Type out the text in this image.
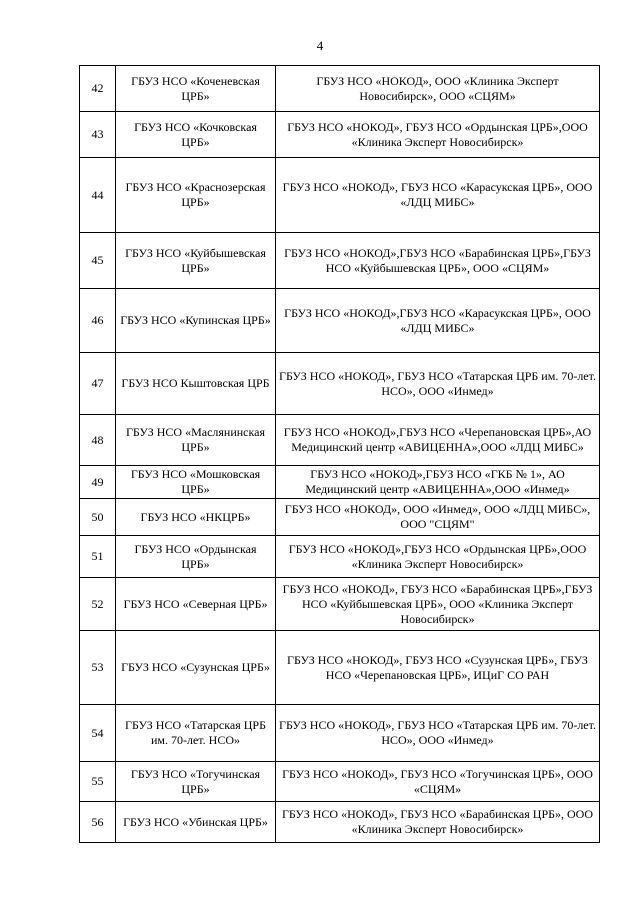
4
42	ГБУЗ НСО «Коченевская ЦРБ»	ГБУЗ НСО «НОКОД», ООО «Клиника Эксперт Новосибирск», ООО «СЦЯМ»
43	ГБУЗ НСО «Кочковская ЦРБ»	ГБУЗ НСО «НОКОД», ГБУЗ НСО «Ордынская ЦРБ»,ООО «Клиника Эксперт Новосибирск»
44	ГБУЗ НСО «Краснозерская ЦРБ»	ГБУЗ НСО «НОКОД», ГБУЗ НСО «Карасукская ЦРБ», ООО «ЛДЦ МИБС»
45	ГБУЗ НСО «Куйбышевская ЦРБ»	ГБУЗ НСО «НОКОД»,ГБУЗ НСО «Барабинская ЦРБ»,ГБУЗ НСО «Куйбышевская ЦРБ», ООО «СЦЯМ»
46	ГБУЗ НСО «Купинская ЦРБ»	ГБУЗ НСО «НОКОД»,ГБУЗ НСО «Карасукская ЦРБ», ООО «ЛДЦ МИБС»
47	ГБУЗ НСО Кыштовская ЦРБ	ГБУЗ НСО «НОКОД», ГБУЗ НСО «Татарская ЦРБ им. 70-лет. НСО», ООО «Инмед»
48	ГБУЗ НСО «Маслянинская ЦРБ»	ГБУЗ НСО «НОКОД»,ГБУЗ НСО «Черепановская ЦРБ»,АО Медицинский центр «АВИЦЕННА»,ООО «ЛДЦ МИБС»
49	ГБУЗ НСО «Мошковская ЦРБ»	ГБУЗ НСО «НОКОД»,ГБУЗ НСО «ГКБ № 1», АО Медицинский центр «АВИЦЕННА»,ООО «Инмед»
50	ГБУЗ НСО «НКЦРБ»	ГБУЗ НСО «НОКОД», ООО «Инмед», ООО «ЛДЦ МИБС», ООО "СЦЯМ"
51	ГБУЗ НСО «Ордынская ЦРБ»	ГБУЗ НСО «НОКОД»,ГБУЗ НСО «Ордынская ЦРБ»,ООО «Клиника Эксперт Новосибирск»
52	ГБУЗ НСО «Северная ЦРБ»	ГБУЗ НСО «НОКОД», ГБУЗ НСО «Барабинская ЦРБ»,ГБУЗ НСО «Куйбышевская ЦРБ», ООО «Клиника Эксперт Новосибирск»
53	ГБУЗ НСО «Сузунская ЦРБ»	ГБУЗ НСО «НОКОД», ГБУЗ НСО «Сузунская ЦРБ», ГБУЗ НСО «Черепановская ЦРБ», ИЦиГ СО РАН
54	ГБУЗ НСО «Татарская ЦРБ им. 70-лет. НСО»	ГБУЗ НСО «НОКОД», ГБУЗ НСО «Татарская ЦРБ им. 70-лет. НСО», ООО «Инмед»
55	ГБУЗ НСО «Тогучинская ЦРБ»	ГБУЗ НСО «НОКОД», ГБУЗ НСО «Тогучинская ЦРБ», ООО «СЦЯМ»
56	ГБУЗ НСО «Убинская ЦРБ»	ГБУЗ НСО «НОКОД», ГБУЗ НСО «Барабинская ЦРБ», ООО «Клиника Эксперт Новосибирск»
